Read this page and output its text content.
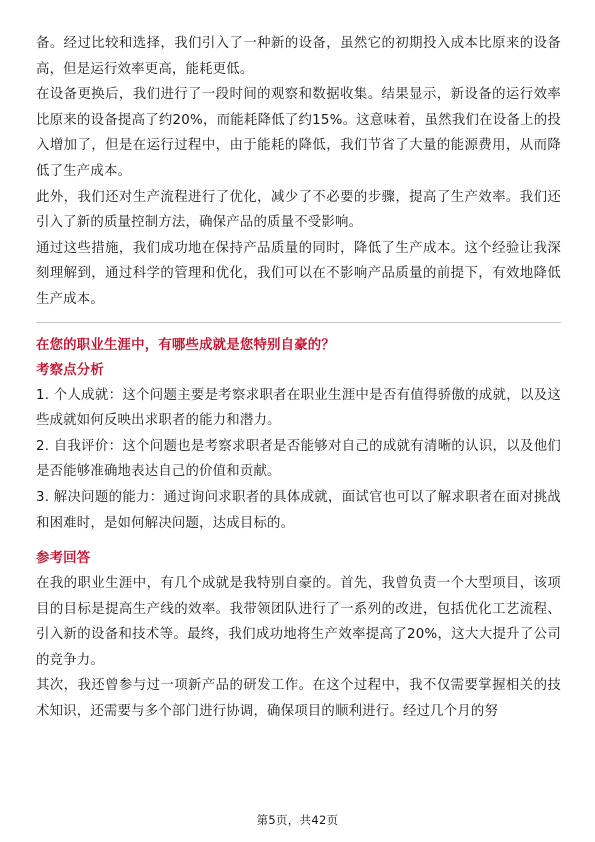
备。经过比较和选择，我们引入了一种新的设备，虽然它的初期投入成本比原来的设备高，但是运行效率更高，能耗更低。

在设备更换后，我们进行了一段时间的观察和数据收集。结果显示，新设备的运行效率比原来的设备提高了约20%，而能耗降低了约15%。这意味着，虽然我们在设备上的投入增加了，但是在运行过程中，由于能耗的降低，我们节省了大量的能源费用，从而降低了生产成本。

此外，我们还对生产流程进行了优化，减少了不必要的步骤，提高了生产效率。我们还引入了新的质量控制方法，确保产品的质量不受影响。

通过这些措施，我们成功地在保持产品质量的同时，降低了生产成本。这个经验让我深刻理解到，通过科学的管理和优化，我们可以在不影响产品质量的前提下，有效地降低生产成本。

在您的职业生涯中，有哪些成就是您特别自豪的？

考察点分析

1. 个人成就：这个问题主要是考察求职者在职业生涯中是否有值得骄傲的成就，以及这些成就如何反映出求职者的能力和潜力。

2. 自我评价：这个问题也是考察求职者是否能够对自己的成就有清晰的认识，以及他们是否能够准确地表达自己的价值和贡献。

3. 解决问题的能力：通过询问求职者的具体成就，面试官也可以了解求职者在面对挑战和困难时，是如何解决问题，达成目标的。

参考回答

在我的职业生涯中，有几个成就是我特别自豪的。首先，我曾负责一个大型项目，该项目的目标是提高生产线的效率。我带领团队进行了一系列的改进，包括优化工艺流程、引入新的设备和技术等。最终，我们成功地将生产效率提高了20%，这大大提升了公司的竞争力。

其次，我还曾参与过一项新产品的研发工作。在这个过程中，我不仅需要掌握相关的技术知识，还需要与多个部门进行协调，确保项目的顺利进行。经过几个月的努

第5页，共42页
